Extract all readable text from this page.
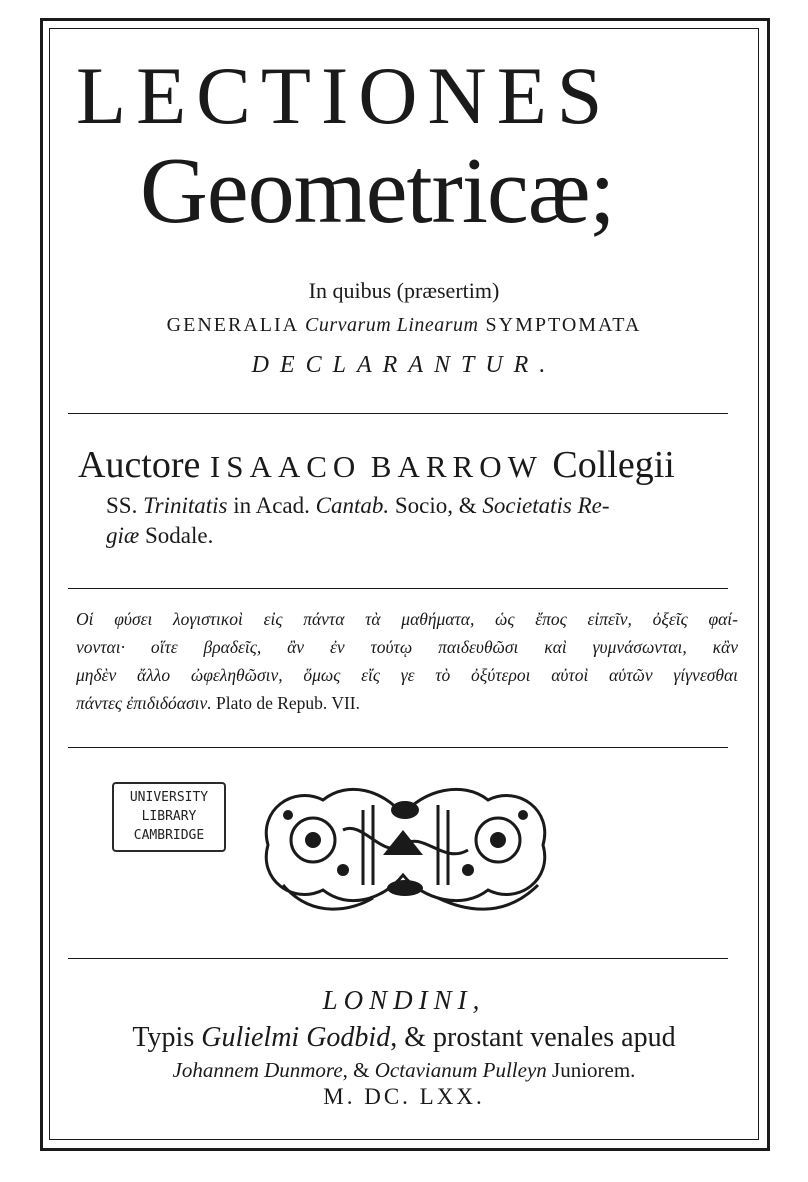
LECTIONES
Geometricæ;
In quibus (præsertim)
GENERALIA Curvarum Linearum SYMPTOMATA
DECLARANTUR.
Auctore ISAACO BARROW Collegii
SS. Trinitatis in Acad. Cantab. Socio, & Societatis Re-
giæ Sodale.
Οἱ φύσει λογιστικοὶ εἰς πάντα τὰ μαθήματα, ὡς ἔπος εἰπεῖν, ὀξεῖς φαί-
νονται· οἵτε βραδεῖς, ἂν ἐν τούτῳ παιδευθῶσι καὶ γυμνάσωνται, κἂν
μηδὲν ἄλλο ὠφεληθῶσιν, ὅμως εἴς γε τὸ ὀξύτεροι αὐτοὶ αὑτῶν γίγνεσθαι
πάντες ἐπιδιδόασιν. Plato de Repub. VII.
UNIVERSITY
LIBRARY
CAMBRIDGE
LONDINI,
Typis Gulielmi Godbid, & prostant venales apud
Johannem Dunmore, & Octavianum Pulleyn Juniorem.
M. DC. LXX.
